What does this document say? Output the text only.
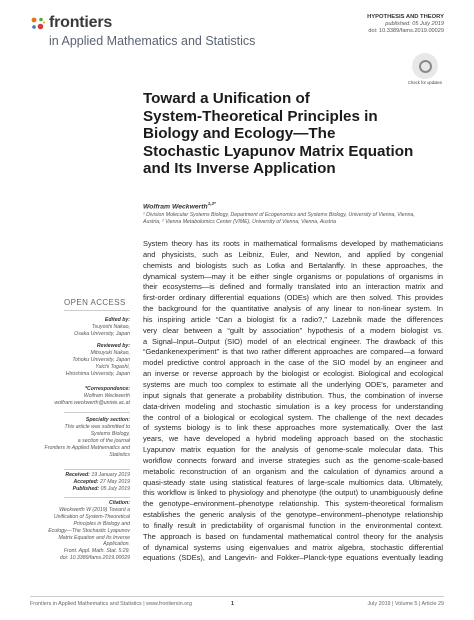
frontiers
in Applied Mathematics and Statistics
HYPOTHESIS AND THEORY
published: 05 July 2019
doi: 10.3389/fams.2019.00029
Check for updates
Toward a Unification of
System-Theoretical Principles in
Biology and Ecology—The
Stochastic Lyapunov Matrix Equation
and Its Inverse Application
Wolfram Weckwerth$^{1,2*}$
¹ Division Molecular Systems Biology, Department of Ecogenomics and Systems Biology, University of Vienna, Vienna,
Austria, ² Vienna Metabolomics Center (VIME), University of Vienna, Vienna, Austria
System theory has its roots in mathematical formalisms developed by mathematicians
and physicists, such as Leibniz, Euler, and Newton, and applied by congenial
chemists and biologists such as Lotka and Bertalanffy. In these approaches, the
dynamical system—may it be either single organisms or populations of organisms in
their ecosystems—is defined and formally translated into an interaction matrix and
first-order ordinary differential equations (ODEs) which are then solved. This provides
the background for the quantitative analysis of any linear to non-linear system. In
his inspiring article “Can a biologist fix a radio?,” Lazebnik made the differences
very clear between a “guilt by association” hypothesis of a modern biologist vs.
a Signal–Input–Output (SIO) model of an electrical engineer. The drawback of this
“Gedankenexperiment” is that two rather different approaches are compared—a forward
model predictive control approach in the case of the SIO model by an engineer and
an inverse or reverse approach by the biologist or ecologist. Biological and ecological
systems are much too complex to estimate all the underlying ODE's, parameter and
input signals that generate a probability distribution. Thus, the combination of inverse
data-driven modeling and stochastic simulation is a key process for understanding
the control of a biological or ecological system. The challenge of the next decades
of systems biology is to link these approaches more systematically. Over the last
years, we have developed a hybrid modeling approach based on the stochastic
Lyapunov matrix equation for the analysis of genome-scale molecular data. This
workflow connects forward and inverse strategies such as the genome-scale-based
metabolic reconstruction of an organism and the calculation of dynamics around a
quasi-steady state using statistical features of large-scale multiomics data. Ultimately,
this workflow is linked to physiology and phenotype (the output) to unambiguously define
the genotype–environment–phenotype relationship. This system-theoretical formalism
establishes the generic analysis of the genotype–environment–phenotype relationship
to finally result in predictability of organismal function in the environmental context.
The approach is based on fundamental mathematical control theory for the analysis
of dynamical systems using eigenvalues and matrix algebra, stochastic differential
equations (SDEs), and Langevin- and Fokker–Planck-type equations eventually leading
OPEN ACCESS
Edited by:
Tsuyoshi Nakao,
Osaka University, Japan
Reviewed by:
Mitsuyuki Nakao,
Tohoku University, Japan
Yuichi Togashi,
Hiroshima University, Japan
*Correspondence:
Wolfram Weckwerth
wolfram.weckwerth@univie.ac.at
Specialty section:
This article was submitted to
Systems Biology,
a section of the journal
Frontiers in Applied Mathematics and
Statistics
Received: 19 January 2019
Accepted: 27 May 2019
Published: 05 July 2019
Citation:
Weckwerth W (2019) Toward a
Unification of System-Theoretical
Principles in Biology and
Ecology—The Stochastic Lyapunov
Matrix Equation and Its Inverse
Application.
Front. Appl. Math. Stat. 5:29.
doi: 10.3389/fams.2019.00029
Frontiers in Applied Mathematics and Statistics | www.frontiersin.org	1	July 2019 | Volume 5 | Article 29
